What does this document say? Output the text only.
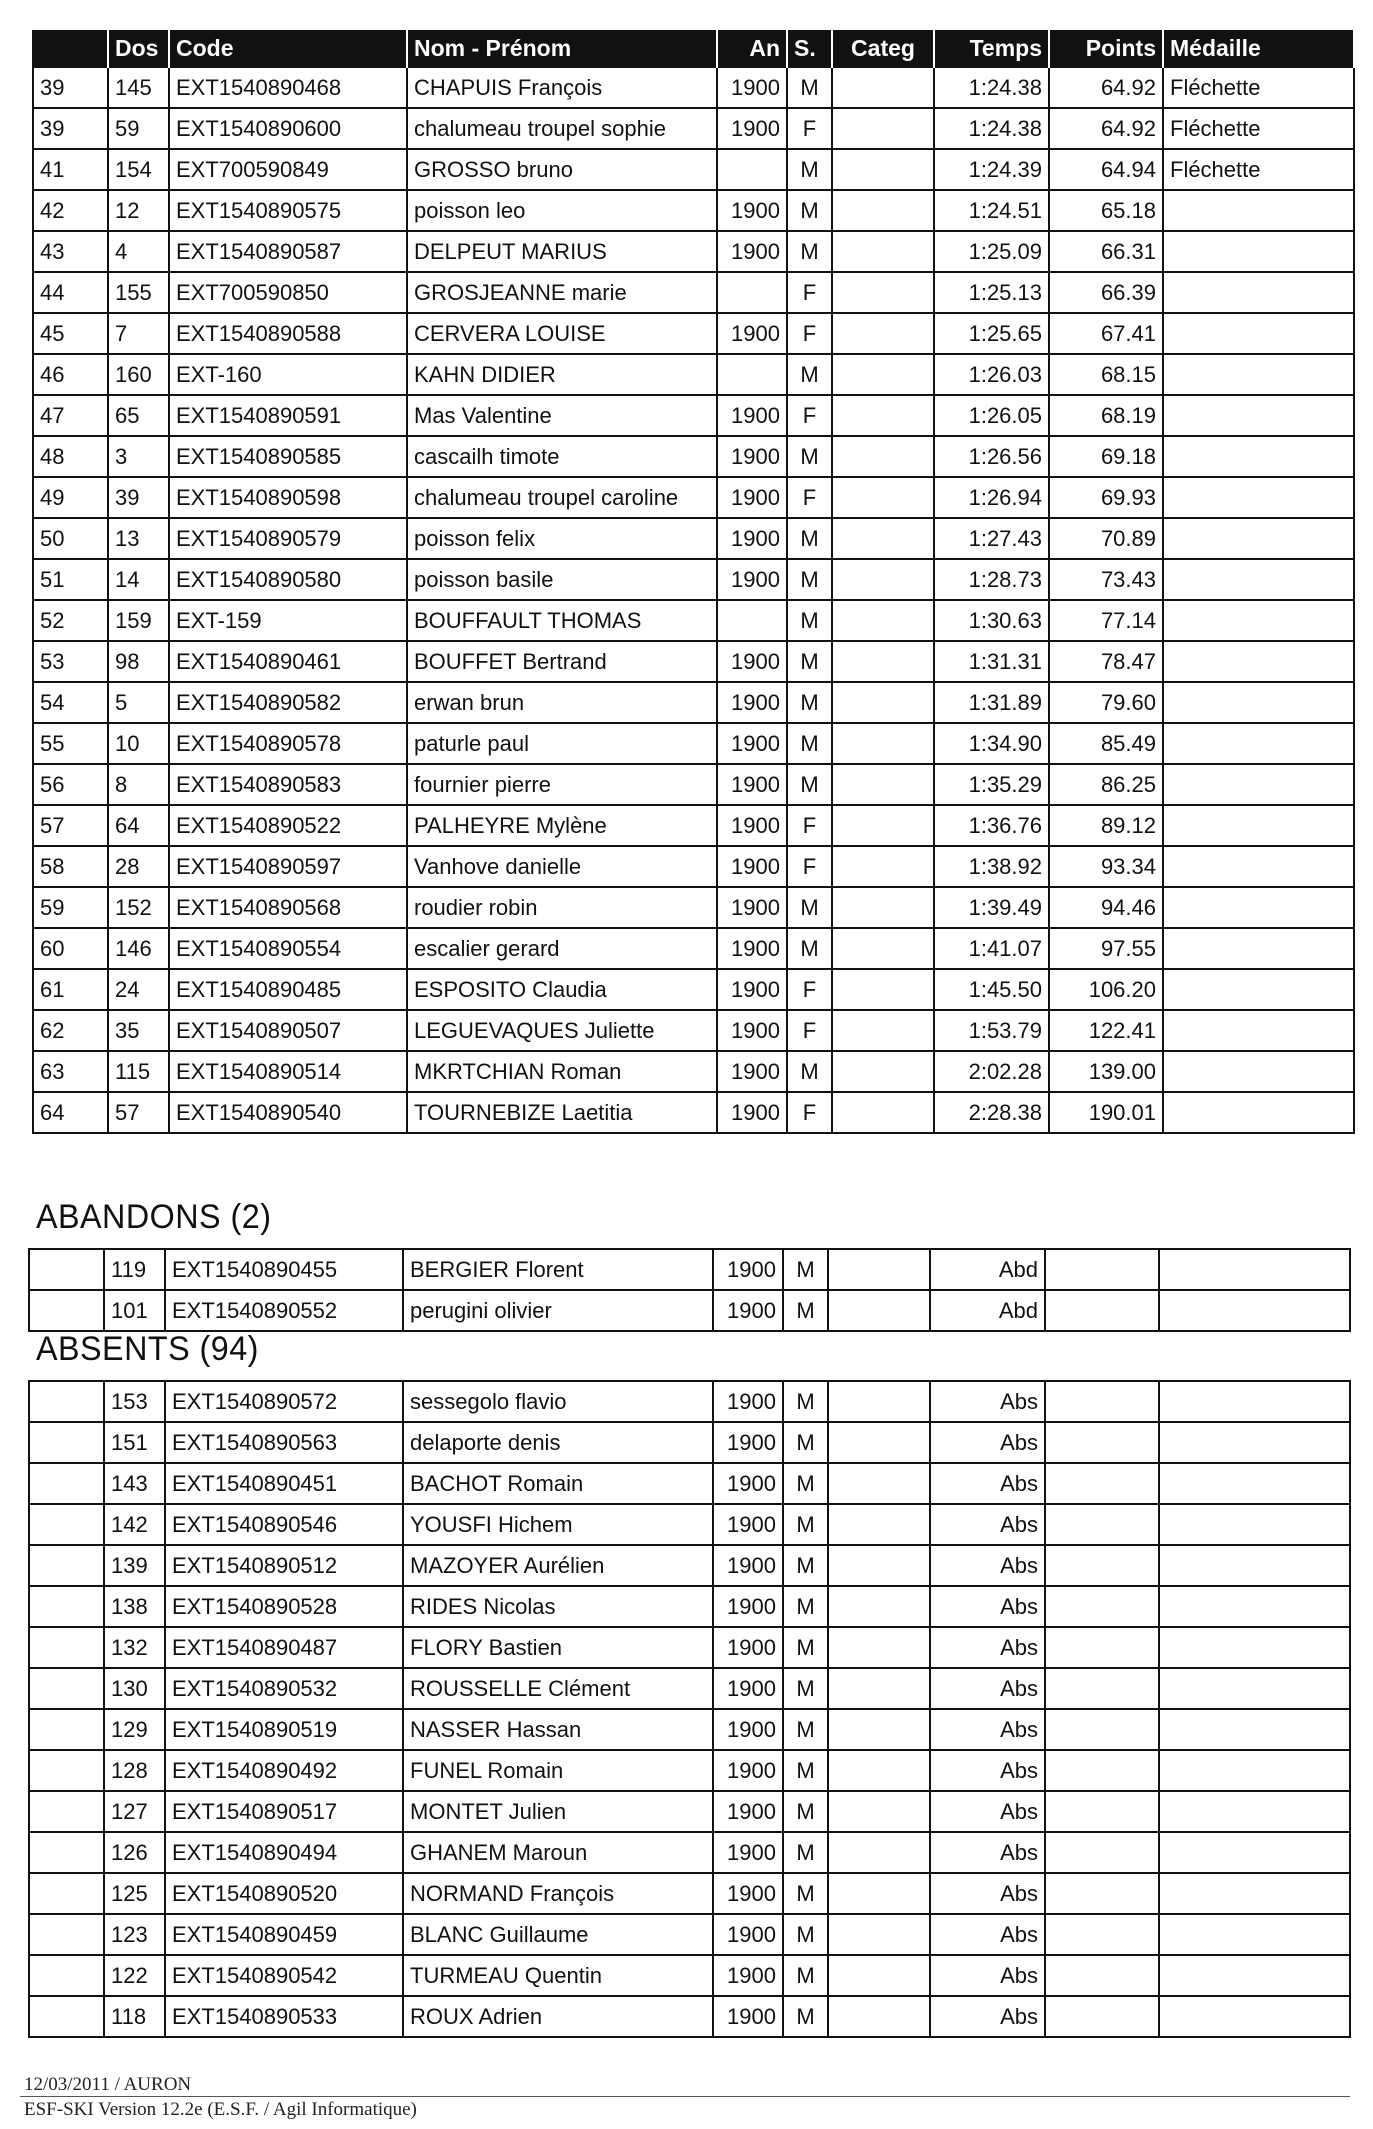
	Dos	Code	Nom - Prénom	An	S.	Categ	Temps	Points	Médaille
39	145	EXT1540890468	CHAPUIS François	1900	M		1:24.38	64.92	Fléchette
39	59	EXT1540890600	chalumeau troupel sophie	1900	F		1:24.38	64.92	Fléchette
41	154	EXT700590849	GROSSO bruno		M		1:24.39	64.94	Fléchette
42	12	EXT1540890575	poisson leo	1900	M		1:24.51	65.18	
43	4	EXT1540890587	DELPEUT MARIUS	1900	M		1:25.09	66.31	
44	155	EXT700590850	GROSJEANNE marie		F		1:25.13	66.39	
45	7	EXT1540890588	CERVERA LOUISE	1900	F		1:25.65	67.41	
46	160	EXT-160	KAHN DIDIER		M		1:26.03	68.15	
47	65	EXT1540890591	Mas Valentine	1900	F		1:26.05	68.19	
48	3	EXT1540890585	cascailh timote	1900	M		1:26.56	69.18	
49	39	EXT1540890598	chalumeau troupel caroline	1900	F		1:26.94	69.93	
50	13	EXT1540890579	poisson felix	1900	M		1:27.43	70.89	
51	14	EXT1540890580	poisson basile	1900	M		1:28.73	73.43	
52	159	EXT-159	BOUFFAULT THOMAS		M		1:30.63	77.14	
53	98	EXT1540890461	BOUFFET Bertrand	1900	M		1:31.31	78.47	
54	5	EXT1540890582	erwan brun	1900	M		1:31.89	79.60	
55	10	EXT1540890578	paturle paul	1900	M		1:34.90	85.49	
56	8	EXT1540890583	fournier pierre	1900	M		1:35.29	86.25	
57	64	EXT1540890522	PALHEYRE Mylène	1900	F		1:36.76	89.12	
58	28	EXT1540890597	Vanhove danielle	1900	F		1:38.92	93.34	
59	152	EXT1540890568	roudier robin	1900	M		1:39.49	94.46	
60	146	EXT1540890554	escalier gerard	1900	M		1:41.07	97.55	
61	24	EXT1540890485	ESPOSITO Claudia	1900	F		1:45.50	106.20	
62	35	EXT1540890507	LEGUEVAQUES Juliette	1900	F		1:53.79	122.41	
63	115	EXT1540890514	MKRTCHIAN Roman	1900	M		2:02.28	139.00	
64	57	EXT1540890540	TOURNEBIZE Laetitia	1900	F		2:28.38	190.01	
ABANDONS (2)
	119	EXT1540890455	BERGIER Florent	1900	M		Abd		
	101	EXT1540890552	perugini olivier	1900	M		Abd		
ABSENTS (94)
	153	EXT1540890572	sessegolo flavio	1900	M		Abs		
	151	EXT1540890563	delaporte denis	1900	M		Abs		
	143	EXT1540890451	BACHOT Romain	1900	M		Abs		
	142	EXT1540890546	YOUSFI Hichem	1900	M		Abs		
	139	EXT1540890512	MAZOYER Aurélien	1900	M		Abs		
	138	EXT1540890528	RIDES Nicolas	1900	M		Abs		
	132	EXT1540890487	FLORY Bastien	1900	M		Abs		
	130	EXT1540890532	ROUSSELLE Clément	1900	M		Abs		
	129	EXT1540890519	NASSER Hassan	1900	M		Abs		
	128	EXT1540890492	FUNEL Romain	1900	M		Abs		
	127	EXT1540890517	MONTET Julien	1900	M		Abs		
	126	EXT1540890494	GHANEM Maroun	1900	M		Abs		
	125	EXT1540890520	NORMAND François	1900	M		Abs		
	123	EXT1540890459	BLANC Guillaume	1900	M		Abs		
	122	EXT1540890542	TURMEAU Quentin	1900	M		Abs		
	118	EXT1540890533	ROUX Adrien	1900	M		Abs		
12/03/2011 / AURON
ESF-SKI Version 12.2e (E.S.F. / Agil Informatique)
